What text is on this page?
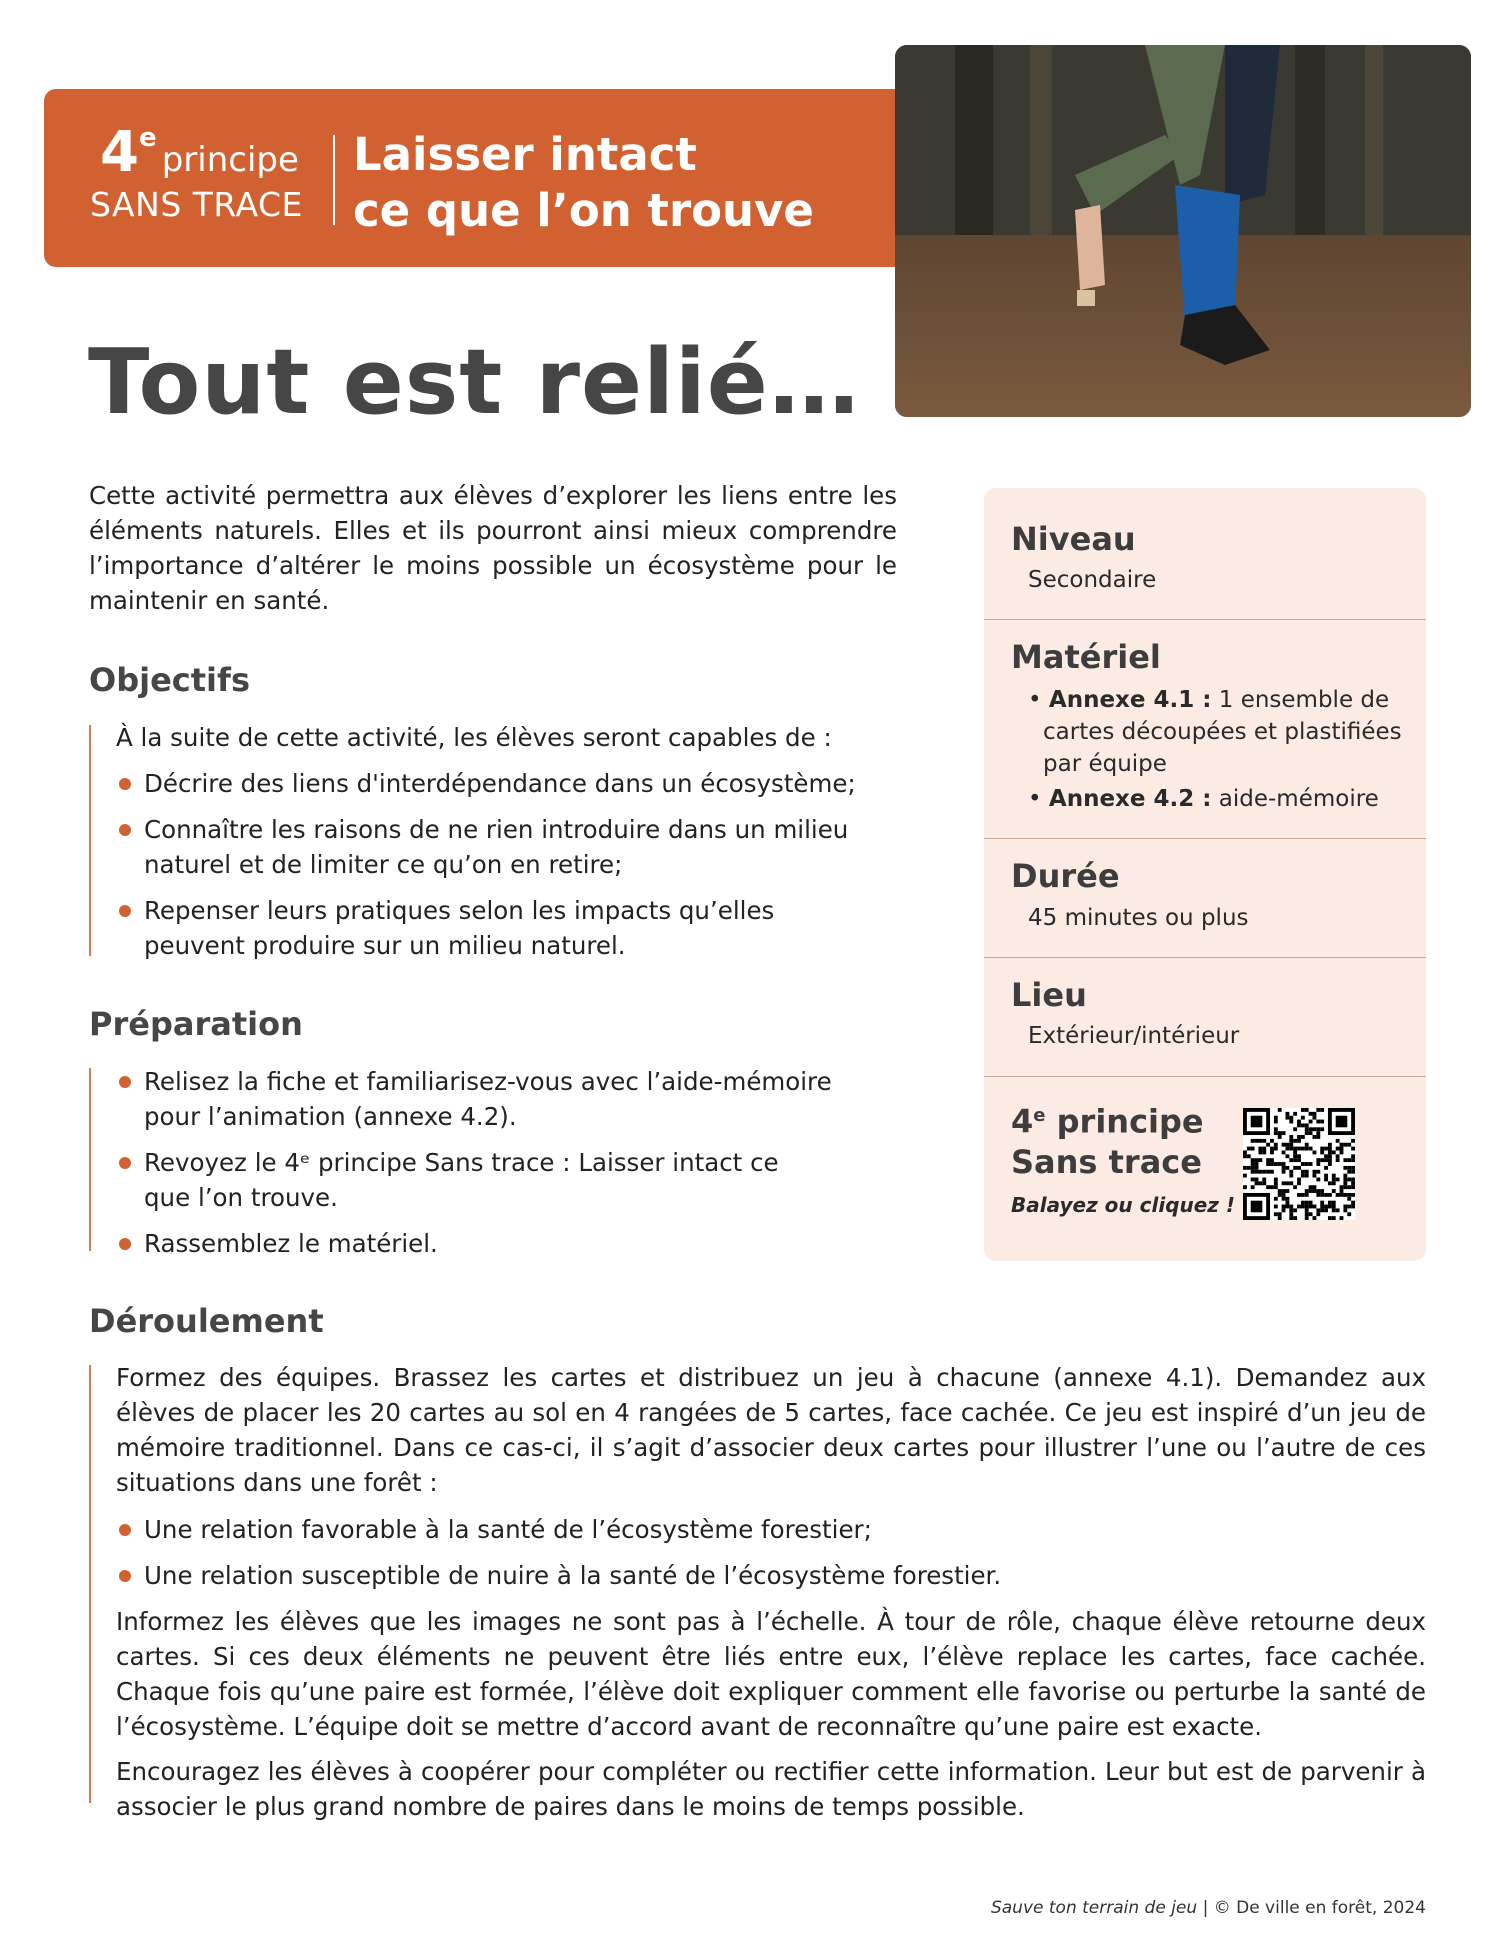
4e principe
SANS TRACE
Laisser intact
ce que l’on trouve
Tout est relié…
Cette activité permettra aux élèves d’explorer les liens entre les éléments naturels. Elles et ils pourront ainsi mieux comprendre l’importance d’altérer le moins possible un écosystème pour le maintenir en santé.
Objectifs
À la suite de cette activité, les élèves seront capables de :
Décrire des liens d'interdépendance dans un écosystème;
Connaître les raisons de ne rien introduire dans un milieu naturel et de limiter ce qu’on en retire;
Repenser leurs pratiques selon les impacts qu’elles peuvent produire sur un milieu naturel.
Préparation
Relisez la fiche et familiarisez-vous avec l’aide-mémoire pour l’animation (annexe 4.2).
Revoyez le 4ᵉ principe Sans trace : Laisser intact ce que l’on trouve.
Rassemblez le matériel.
Déroulement
Formez des équipes. Brassez les cartes et distribuez un jeu à chacune (annexe 4.1). Demandez aux élèves de placer les 20 cartes au sol en 4 rangées de 5 cartes, face cachée. Ce jeu est inspiré d’un jeu de mémoire traditionnel. Dans ce cas-ci, il s’agit d’associer deux cartes pour illustrer l’une ou l’autre de ces situations dans une forêt :
Une relation favorable à la santé de l’écosystème forestier;
Une relation susceptible de nuire à la santé de l’écosystème forestier.
Informez les élèves que les images ne sont pas à l’échelle. À tour de rôle, chaque élève retourne deux cartes. Si ces deux éléments ne peuvent être liés entre eux, l’élève replace les cartes, face cachée. Chaque fois qu’une paire est formée, l’élève doit expliquer comment elle favorise ou perturbe la santé de l’écosystème. L’équipe doit se mettre d’accord avant de reconnaître qu’une paire est exacte.
Encouragez les élèves à coopérer pour compléter ou rectifier cette information. Leur but est de parvenir à associer le plus grand nombre de paires dans le moins de temps possible.
Niveau
Secondaire
Matériel
• Annexe 4.1 : 1 ensemble de
cartes découpées et plastifiées
par équipe
• Annexe 4.2 : aide-mémoire
Durée
45 minutes ou plus
Lieu
Extérieur/intérieur
4e principe
Sans trace
Balayez ou cliquez !
Sauve ton terrain de jeu | © De ville en forêt, 2024
